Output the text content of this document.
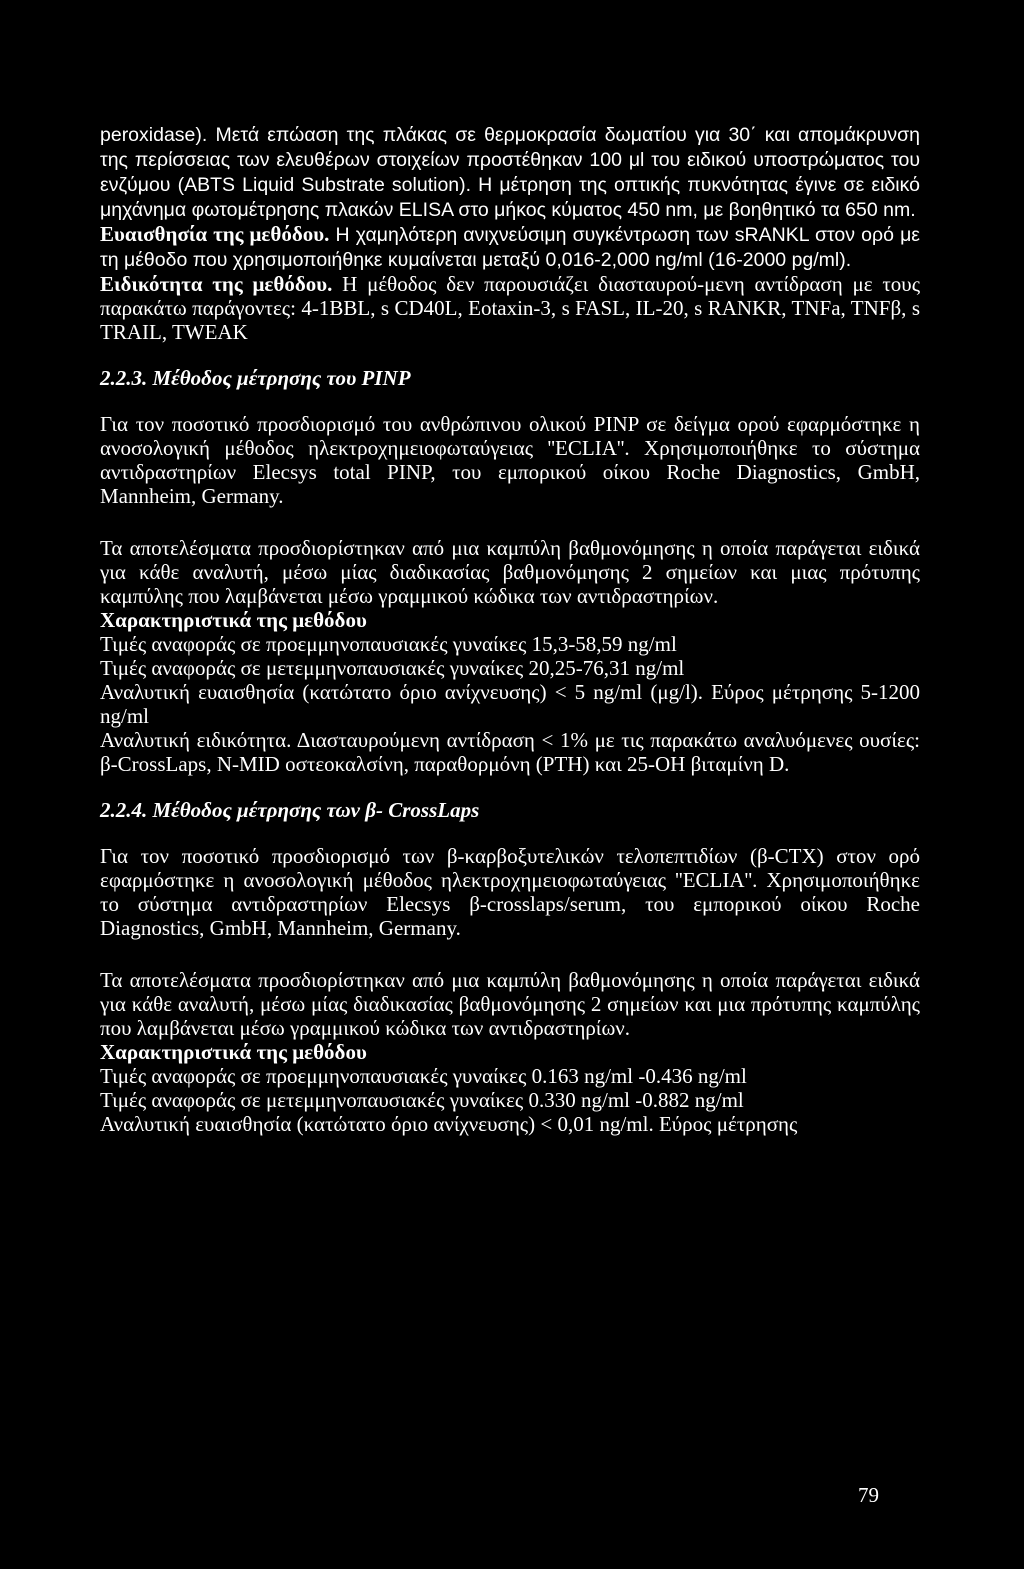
peroxidase). Μετά επώαση της πλάκας σε θερμοκρασία δωματίου για 30΄ και απομάκρυνση της περίσσειας των ελευθέρων στοιχείων προστέθηκαν 100 μl του ειδικού υποστρώματος του ενζύμου (ABTS Liquid Substrate solution). Η μέτρηση της οπτικής πυκνότητας έγινε σε ειδικό μηχάνημα φωτομέτρησης πλακών ELISA στο μήκος κύματος 450 nm, με βοηθητικό τα 650 nm.

Ευαισθησία της μεθόδου. Η χαμηλότερη ανιχνεύσιμη συγκέντρωση των sRANKL στον ορό με τη μέθοδο που χρησιμοποιήθηκε κυμαίνεται μεταξύ 0,016-2,000 ng/ml (16-2000 pg/ml).

Ειδικότητα της μεθόδου. Η μέθοδος δεν παρουσιάζει διασταυρού-μενη αντίδραση με τους παρακάτω παράγοντες: 4-1BBL, s CD40L, Eotaxin-3, s FASL, IL-20, s RANKR, TNFa, TNFβ, s TRAIL, TWEAK

2.2.3. Μέθοδος μέτρησης του PINP

Για τον ποσοτικό προσδιορισμό του ανθρώπινου ολικού PINP σε δείγμα ορού εφαρμόστηκε η ανοσολογική μέθοδος ηλεκτροχημειοφωταύγειας ''ECLIA''. Χρησιμοποιήθηκε το σύστημα αντιδραστηρίων Elecsys total PINP, του εμπορικού οίκου Roche Diagnostics, GmbH, Mannheim, Germany.

Τα αποτελέσματα προσδιορίστηκαν από μια καμπύλη βαθμονόμησης η οποία παράγεται ειδικά για κάθε αναλυτή, μέσω μίας διαδικασίας βαθμονόμησης 2 σημείων και μιας πρότυπης καμπύλης που λαμβάνεται μέσω γραμμικού κώδικα των αντιδραστηρίων.

Χαρακτηριστικά της μεθόδου

Τιμές αναφοράς σε προεμμηνοπαυσιακές γυναίκες 15,3-58,59 ng/ml

Τιμές αναφοράς σε μετεμμηνοπαυσιακές γυναίκες 20,25-76,31 ng/ml

Αναλυτική ευαισθησία (κατώτατο όριο ανίχνευσης) < 5 ng/ml (μg/l). Εύρος μέτρησης 5-1200 ng/ml

Αναλυτική ειδικότητα. Διασταυρούμενη αντίδραση < 1% με τις παρακάτω αναλυόμενες ουσίες: β-CrossLaps, N-MID οστεοκαλσίνη, παραθορμόνη (PTH) και 25-OH βιταμίνη D.

2.2.4. Μέθοδος μέτρησης των β- CrossLaps

Για τον ποσοτικό προσδιορισμό των β-καρβοξυτελικών τελοπεπτιδίων (β-CTX) στον ορό εφαρμόστηκε η ανοσολογική μέθοδος ηλεκτροχημειοφωταύγειας ''ECLIA''. Χρησιμοποιήθηκε το σύστημα αντιδραστηρίων Elecsys β-crosslaps/serum, του εμπορικού οίκου Roche Diagnostics, GmbH, Mannheim, Germany.

Τα αποτελέσματα προσδιορίστηκαν από μια καμπύλη βαθμονόμησης η οποία παράγεται ειδικά για κάθε αναλυτή, μέσω μίας διαδικασίας βαθμονόμησης 2 σημείων και μια πρότυπης καμπύλης που λαμβάνεται μέσω γραμμικού κώδικα των αντιδραστηρίων.

Χαρακτηριστικά της μεθόδου

Τιμές αναφοράς σε προεμμηνοπαυσιακές γυναίκες 0.163 ng/ml -0.436 ng/ml

Τιμές αναφοράς σε μετεμμηνοπαυσιακές γυναίκες 0.330 ng/ml -0.882 ng/ml

Αναλυτική ευαισθησία (κατώτατο όριο ανίχνευσης) < 0,01 ng/ml. Εύρος μέτρησης

79
